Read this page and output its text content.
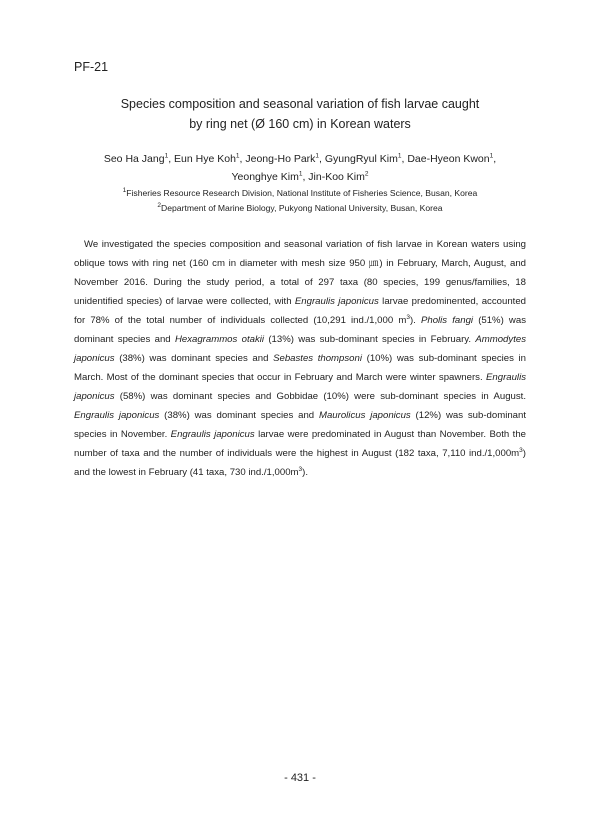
PF-21
Species composition and seasonal variation of fish larvae caught
by ring net (Ø 160 cm) in Korean waters
Seo Ha Jang$^1$, Eun Hye Koh$^1$, Jeong-Ho Park$^1$, GyungRyul Kim$^1$, Dae-Hyeon Kwon$^1$,
Yeonghye Kim$^1$, Jin-Koo Kim$^2$
$^1$Fisheries Resource Research Division, National Institute of Fisheries Science, Busan, Korea
$^2$Department of Marine Biology, Pukyong National University, Busan, Korea
We investigated the species composition and seasonal variation of fish larvae in Korean waters using oblique tows with ring net (160 cm in diameter with mesh size 950 ㎛) in February, March, August, and November 2016. During the study period, a total of 297 taxa (80 species, 199 genus/families, 18 unidentified species) of larvae were collected, with Engraulis japonicus larvae predominented, accounted for 78% of the total number of individuals collected (10,291 ind./1,000 $m^3$). Pholis fangi (51%) was dominant species and Hexagrammos otakii (13%) was sub-dominant species in February. Ammodytes japonicus (38%) was dominant species and Sebastes thompsoni (10%) was sub-dominant species in March. Most of the dominant species that occur in February and March were winter spawners. Engraulis japonicus (58%) was dominant species and Gobbidae (10%) were sub-dominant species in August. Engraulis japonicus (38%) was dominant species and Maurolicus japonicus (12%) was sub-dominant species in November. Engraulis japonicus larvae were predominated in August than November. Both the number of taxa and the number of individuals were the highest in August (182 taxa, 7,110 $ind./1,000m^3$) and the lowest in February (41 taxa, 730 $ind./1,000m^3$).
- 431 -
